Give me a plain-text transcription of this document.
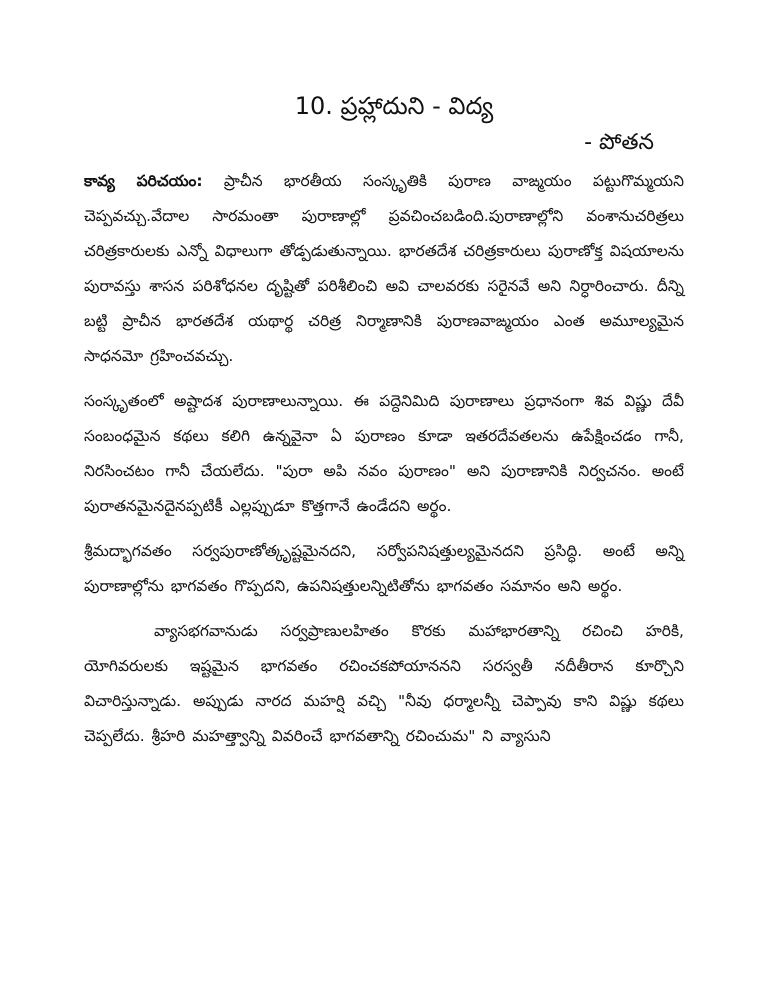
10. ప్రహ్లాదుని - విద్య
- పోతన

కావ్య పరిచయం: ప్రాచీన భారతీయ సంస్కృతికి పురాణ వాఙ్మయం పట్టుగొమ్మయని చెప్పవచ్చు.వేదాల సారమంతా పురాణాల్లో ప్రవచించబడింది.పురాణాల్లోని వంశానుచరిత్రలు చరిత్రకారులకు ఎన్నో విధాలుగా తోడ్పడుతున్నాయి. భారతదేశ చరిత్రకారులు పురాణోక్త విషయాలను పురావస్తు శాసన పరిశోధనల దృష్టితో పరిశీలించి అవి చాలవరకు సరైనవే అని నిర్ధారించారు. దీన్ని బట్టి ప్రాచీన భారతదేశ యథార్థ చరిత్ర నిర్మాణానికి పురాణవాఙ్మయం ఎంత అమూల్యమైన సాధనమో గ్రహించవచ్చు.

సంస్కృతంలో అష్టాదశ పురాణాలున్నాయి. ఈ పద్దెనిమిది పురాణాలు ప్రధానంగా శివ విష్ణు దేవీ సంబంధమైన కథలు కలిగి ఉన్నవైనా ఏ పురాణం కూడా ఇతరదేవతలను ఉపేక్షించడం గానీ, నిరసించటం గానీ చేయలేదు. "పురా అపి నవం పురాణం" అని పురాణానికి నిర్వచనం. అంటే పురాతనమైనదైనప్పటికీ ఎల్లప్పుడూ కొత్తగానే ఉండేదని అర్థం.

శ్రీమద్భాగవతం సర్వపురాణోత్కృష్టమైనదని, సర్వోపనిషత్తుల్యమైనదని ప్రసిద్ధి. అంటే అన్ని పురాణాల్లోను భాగవతం గొప్పదని, ఉపనిషత్తులన్నిటితోను భాగవతం సమానం అని అర్థం.

వ్యాసభగవానుడు సర్వప్రాణులహితం కొరకు మహాభారతాన్ని రచించి హరికి, యోగివరులకు ఇష్టమైన భాగవతం రచించకపోయాననని సరస్వతీ నదీతీరాన కూర్చొని విచారిస్తున్నాడు. అప్పుడు నారద మహర్షి వచ్చి "నీవు ధర్మాలన్నీ చెప్పావు కాని విష్ణు కథలు చెప్పలేదు. శ్రీహరి మహత్త్వాన్ని వివరించే భాగవతాన్ని రచించుమ" ని వ్యాసుని
